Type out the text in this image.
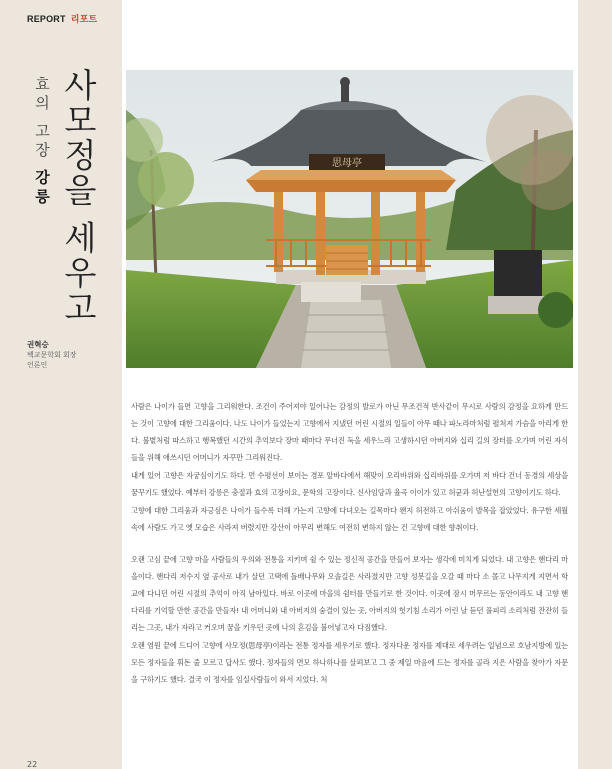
REPORT 리포트
사모정을 세우고
효의 고장 강릉
권혁승
백교문학회 회장
언론인
思母亭

사람은 나이가 들면 고향을 그리워한다. 조건이 주어져야 일어나는 감정의 발로가 아닌 무조건적 반사같이 무시로 사람의 감정을 요하게 만드는 것이 고향에 대한 그리움이다. 나도 나이가 들었는지 고향에서 지냈던 어린 시절의 일들이 아무 때나 파노라마처럼 펼쳐져 가슴을 아리게 한다. 불볕처럼 따스하고 행복했던 시간의 추억보다 장마 때마다 무너진 둑을 세우느라 고생하시던 아버지와 십리 길의 장터를 오가며 어린 자식들을 위해 애쓰시던 어머니가 자꾸만 그리워진다.

내게 있어 고향은 자궁심이기도 하다. 먼 수평선이 보이는 경포 앞바다에서 해맞이 오리바위와 십리바위를 오가며 저 바다 건너 동경의 세상을 꿈꾸기도 했었다. 예부터 강릉은 충절과 효의 고장이요, 문학의 고장이다. 신사임당과 율곡 이이가 있고 허균과 허난설헌의 고향이기도 하다.

고향에 대한 그리움과 자긍심은 나이가 들수록 더해 가는지 고향에 다녀오는 길목마다 왠지 허전하고 아쉬움이 발목을 잡았었다. 유구한 세월 속에 사람도 가고 옛 모습은 사라져 버렸지만 강산이 아무리 변해도 여전히 변하지 않는 건 고향에 대한 향취이다.

오랜 고심 끝에 고향 마을 사람들의 우의와 전통을 지키며 쉴 수 있는 정신적 공간을 만들어 보자는 생각에 미치게 되었다. 내 고향은 핸다리 마을이다. 핸다리 저수지 옆 공사로 내가 살던 고택에 돌배나무와 오솔길은 사라졌지만 고향 성봇길을 오갈 때 마다 소 몰고 나무지게 지면서 학교에 다니던 어린 시절의 추억이 아직 남아있다. 바로 이곳에 마을의 쉼터를 만들기로 한 것이다. 이곳에 잠시 머무르는 동안이라도 내 고향 핸다리를 기억할 만한 공간을 만들자! 내 어머니와 내 아버지의 숨결이 있는 곳, 아버지의 헛기침 소리가 어린 날 듣던 풀피리 소리처럼 잔잔히 들리는 그곳, 내가 자라고 커오며 꿈을 키우던 곳에 나의 흔김을 불어넣고자 다짐했다.

오랜 염원 끝에 드디어 고향에 사모정(思母亭)이라는 전통 정자를 세우기로 했다. 정자다운 정자를 제대로 세우려는 일념으로 호남지방에 있는 모든 정자들을 휘돈 줄 모르고 답사도 했다. 정자들의 면모 하나하나를 살펴보고 그 중 제일 마음에 드는 정자를 골라 지은 사람을 찾아가 자문을 구하기도 했다. 결국 이 정자를 임실사람들이 와서 지었다. 처

22
